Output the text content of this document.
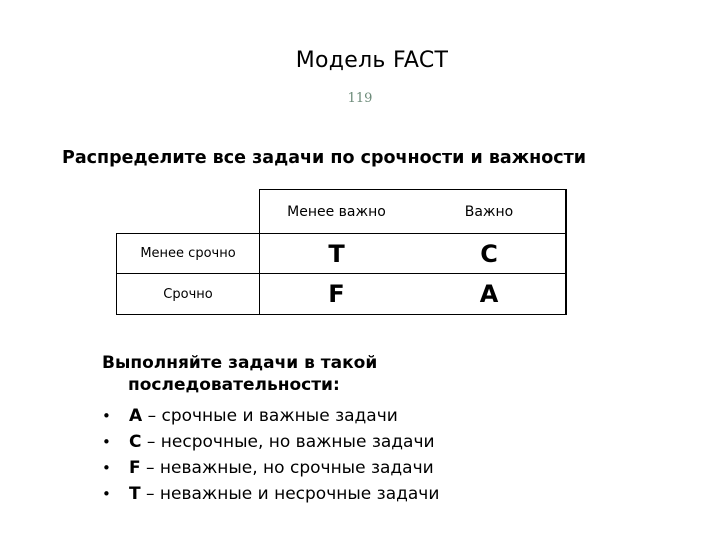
Модель FACT
119
Распределите все задачи по срочности и важности
	Менее важно	Важно
Менее срочно	T	C
Срочно	F	A
Выполняйте задачи в такой последовательности:
• A – срочные и важные задачи
• C – несрочные, но важные задачи
• F – неважные, но срочные задачи
• T – неважные и несрочные задачи
